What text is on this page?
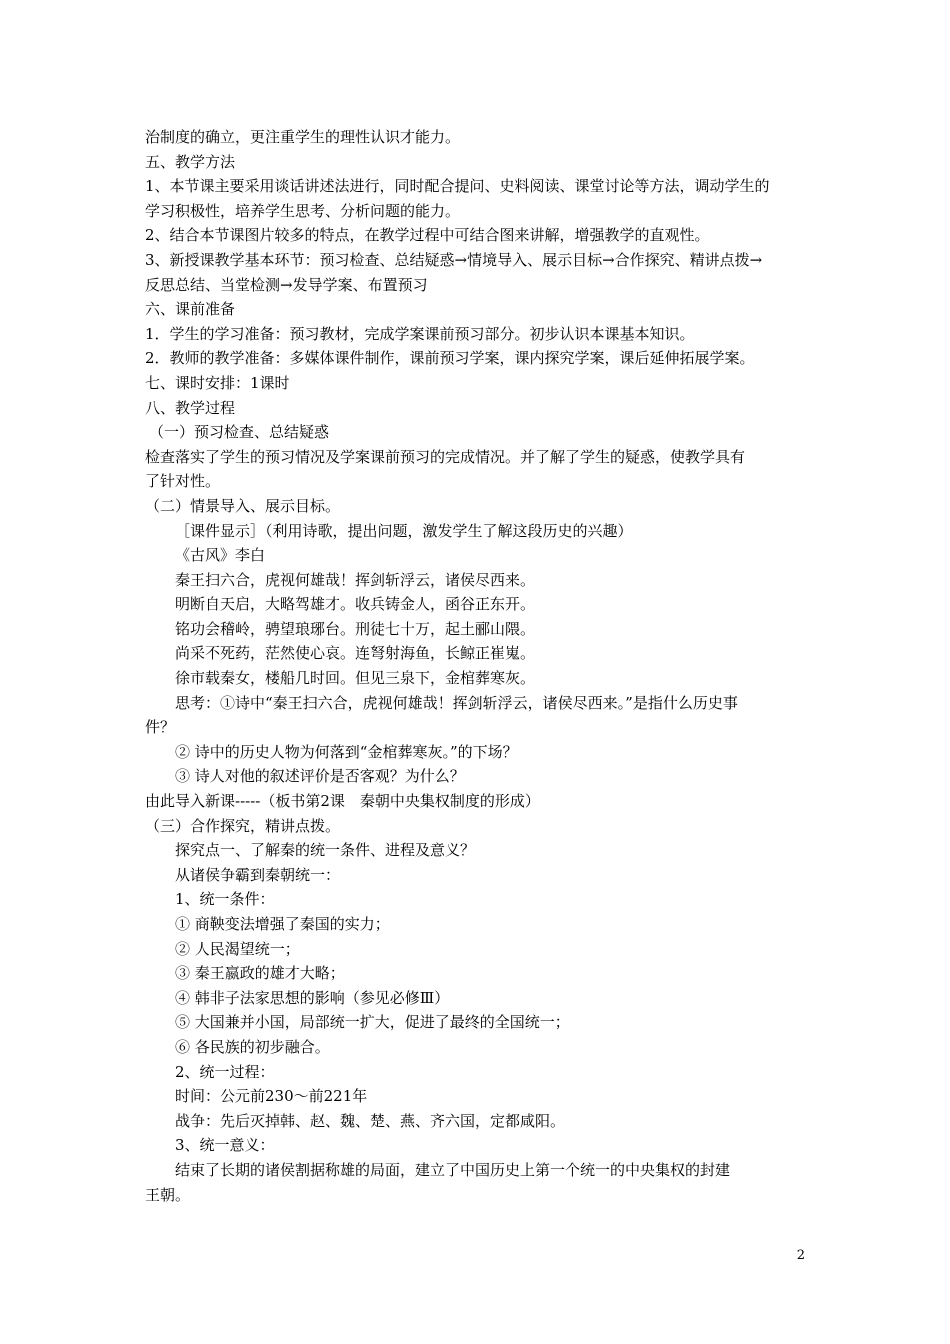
治制度的确立，更注重学生的理性认识才能力。
五、教学方法
1、本节课主要采用谈话讲述法进行，同时配合提问、史料阅读、课堂讨论等方法，调动学生的
学习积极性，培养学生思考、分析问题的能力。
2、结合本节课图片较多的特点，在教学过程中可结合图来讲解，增强教学的直观性。
3、新授课教学基本环节：预习检查、总结疑惑→情境导入、展示目标→合作探究、精讲点拨→
反思总结、当堂检测→发导学案、布置预习
六、课前准备
1．学生的学习准备：预习教材，完成学案课前预习部分。初步认识本课基本知识。
2．教师的教学准备：多媒体课件制作，课前预习学案，课内探究学案，课后延伸拓展学案。
七、课时安排：1课时
八、教学过程
（一）预习检查、总结疑惑
检查落实了学生的预习情况及学案课前预习的完成情况。并了解了学生的疑惑，使教学具有
了针对性。
（二）情景导入、展示目标。
［课件显示］（利用诗歌，提出问题，激发学生了解这段历史的兴趣）
《古风》李白
秦王扫六合，虎视何雄哉！挥剑斩浮云，诸侯尽西来。
明断自天启，大略驾雄才。收兵铸金人，函谷正东开。
铭功会稽岭，骋望琅琊台。刑徒七十万，起土郦山隈。
尚采不死药，茫然使心哀。连弩射海鱼，长鲸正崔嵬。
徐市载秦女，楼船几时回。但见三泉下，金棺葬寒灰。
思考：①诗中“秦王扫六合，虎视何雄哉！挥剑斩浮云，诸侯尽西来。”是指什么历史事
件？
② 诗中的历史人物为何落到“金棺葬寒灰。”的下场？
③ 诗人对他的叙述评价是否客观？为什么？
由此导入新课-----（板书第2课　秦朝中央集权制度的形成）
（三）合作探究，精讲点拨。
探究点一、了解秦的统一条件、进程及意义？
从诸侯争霸到秦朝统一：
1、统一条件：
① 商鞅变法增强了秦国的实力；
② 人民渴望统一；
③ 秦王嬴政的雄才大略；
④ 韩非子法家思想的影响（参见必修Ⅲ）
⑤ 大国兼并小国，局部统一扩大，促进了最终的全国统一；
⑥ 各民族的初步融合。
2、统一过程：
时间：公元前230～前221年
战争：先后灭掉韩、赵、魏、楚、燕、齐六国，定都咸阳。
3、统一意义：
结束了长期的诸侯割据称雄的局面，建立了中国历史上第一个统一的中央集权的封建
王朝。
2
